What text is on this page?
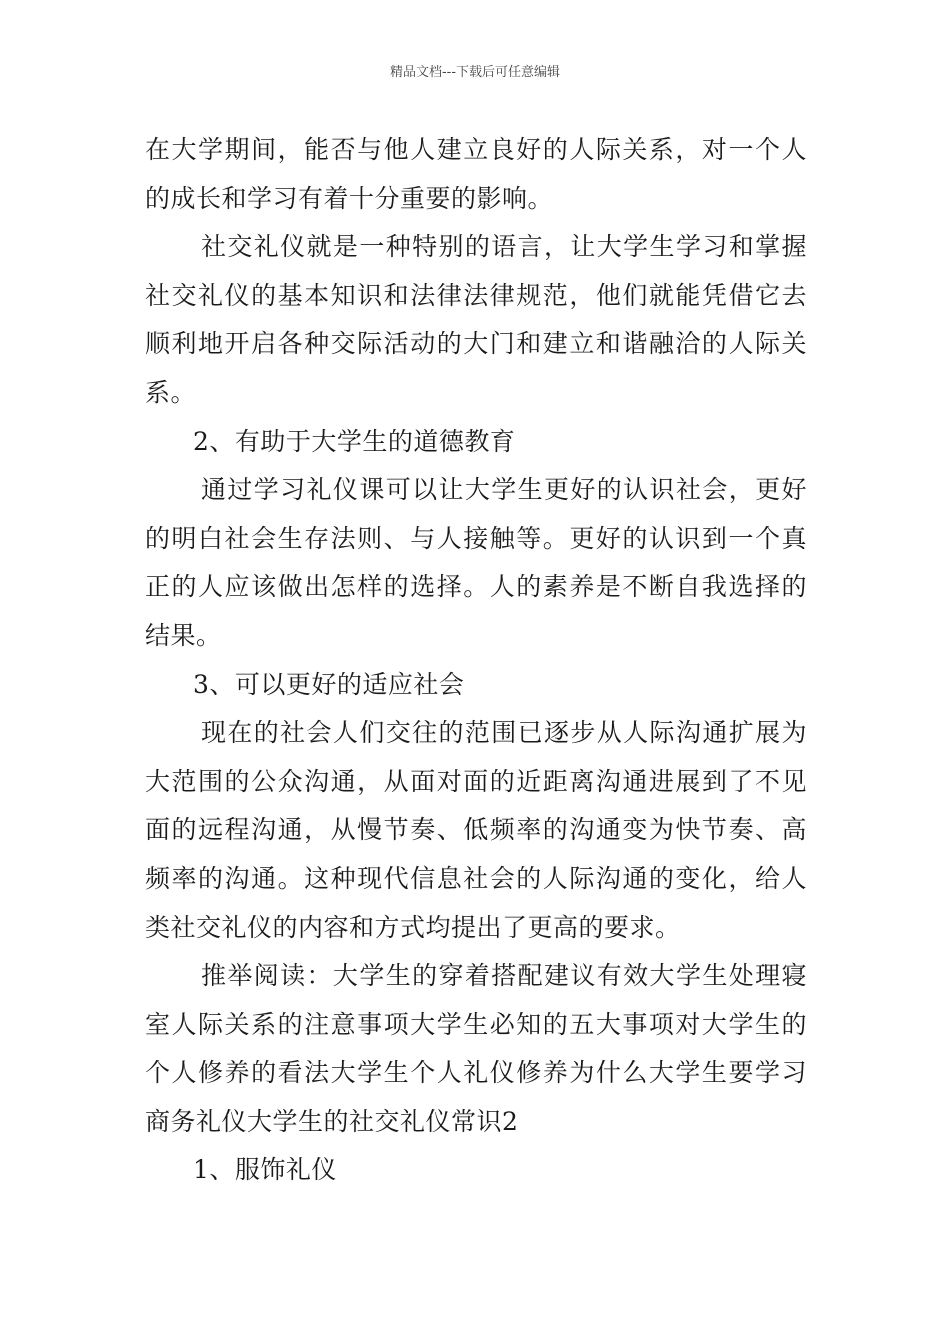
精品文档---下载后可任意编辑

在大学期间，能否与他人建立良好的人际关系，对一个人的成长和学习有着十分重要的影响。

社交礼仪就是一种特别的语言，让大学生学习和掌握社交礼仪的基本知识和法律法律规范，他们就能凭借它去顺利地开启各种交际活动的大门和建立和谐融洽的人际关系。

2、有助于大学生的道德教育

通过学习礼仪课可以让大学生更好的认识社会，更好的明白社会生存法则、与人接触等。更好的认识到一个真正的人应该做出怎样的选择。人的素养是不断自我选择的结果。

3、可以更好的适应社会

现在的社会人们交往的范围已逐步从人际沟通扩展为大范围的公众沟通，从面对面的近距离沟通进展到了不见面的远程沟通，从慢节奏、低频率的沟通变为快节奏、高频率的沟通。这种现代信息社会的人际沟通的变化，给人类社交礼仪的内容和方式均提出了更高的要求。

推举阅读：大学生的穿着搭配建议有效大学生处理寝室人际关系的注意事项大学生必知的五大事项对大学生的个人修养的看法大学生个人礼仪修养为什么大学生要学习商务礼仪大学生的社交礼仪常识2

1、服饰礼仪
